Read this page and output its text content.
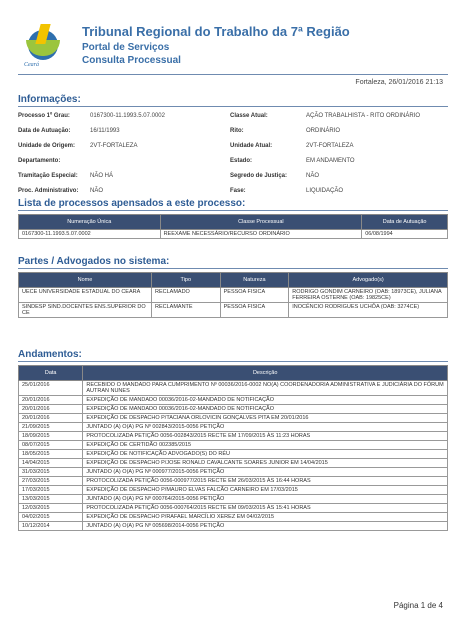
Ceará
Tribunal Regional do Trabalho da 7ª Região
Portal de Serviços
Consulta Processual
Fortaleza, 26/01/2016 21:13
Informações:
Processo 1º Grau:	0167300-11.1993.5.07.0002	Classe Atual:	AÇÃO TRABALHISTA - RITO ORDINÁRIO
Data de Autuação:	16/11/1993	Rito:	ORDINÁRIO
Unidade de Origem:	2VT-FORTALEZA	Unidade Atual:	2VT-FORTALEZA
Departamento:	Estado:	EM ANDAMENTO
Tramitação Especial:	NÃO HÁ	Segredo de Justiça:	NÃO
Proc. Administrativo:	NÃO	Fase:	LIQUIDAÇÃO
Lista de processos apensados a este processo:
Numeração Única	Classe Processual	Data de Autuação
0167300-11.1993.5.07.0002	REEXAME NECESSÁRIO/RECURSO ORDINÁRIO	06/08/1994
Partes / Advogados no sistema:
Nome	Tipo	Natureza	Advogado(s)
UECE UNIVERSIDADE ESTADUAL DO CEARA	RECLAMADO	PESSOA FISICA	RODRIGO GONDIM CARNEIRO (OAB: 18973CE), JULIANA FERREIRA OSTERNE (OAB: 19825CE)
SINDESP SIND.DOCENTES ENS.SUPERIOR DO CE	RECLAMANTE	PESSOA FISICA	INOCÊNCIO RODRIGUES UCHÔA (OAB: 3274CE)
Andamentos:
Data	Descrição
25/01/2016	RECEBIDO O MANDADO PARA CUMPRIMENTO Nº 00036/2016-0002 NO(A) COORDENADORIA ADMINISTRATIVA E JUDICIÁRIA DO FÓRUM AUTRAN NUNES
20/01/2016	EXPEDIÇÃO DE MANDADO 00036/2016-02-MANDADO DE NOTIFICAÇÃO
20/01/2016	EXPEDIÇÃO DE MANDADO 00036/2016-02-MANDADO DE NOTIFICAÇÃO
20/01/2016	EXPEDIÇÃO DE DESPACHO P/TACIANA ORLOVICIN GONÇALVES PITA EM 20/01/2016
21/09/2015	JUNTADO (A) O(A) PG Nº 002843/2015-0056 PETIÇÃO
18/09/2015	PROTOCOLIZADA PETIÇÃO 0056-002843/2015 RECTE EM 17/09/2015 ÀS 11:23 HORAS
08/07/2015	EXPEDIÇÃO DE CERTIDÃO 002385/2015
18/05/2015	EXPEDIÇÃO DE NOTIFICAÇÃO ADVOGADO(S) DO RÉU
14/04/2015	EXPEDIÇÃO DE DESPACHO P/JOSE RONALD CAVALCANTE SOARES JUNIOR EM 14/04/2015
31/03/2015	JUNTADO (A) O(A) PG Nº 000977/2015-0056 PETIÇÃO
27/03/2015	PROTOCOLIZADA PETIÇÃO 0056-000977/2015 RECTE EM 26/03/2015 ÀS 16:44 HORAS
17/03/2015	EXPEDIÇÃO DE DESPACHO P/MAURO ELVAS FALCÃO CARNEIRO EM 17/03/2015
13/03/2015	JUNTADO (A) O(A) PG Nº 000764/2015-0056 PETIÇÃO
12/03/2015	PROTOCOLIZADA PETIÇÃO 0056-000764/2015 RECTE EM 09/03/2015 ÀS 15:41 HORAS
04/02/2015	EXPEDIÇÃO DE DESPACHO P/RAFAEL MARCÍLIO XEREZ EM 04/02/2015
10/12/2014	JUNTADO (A) O(A) PG Nº 005698/2014-0056 PETIÇÃO
Página 1 de 4
